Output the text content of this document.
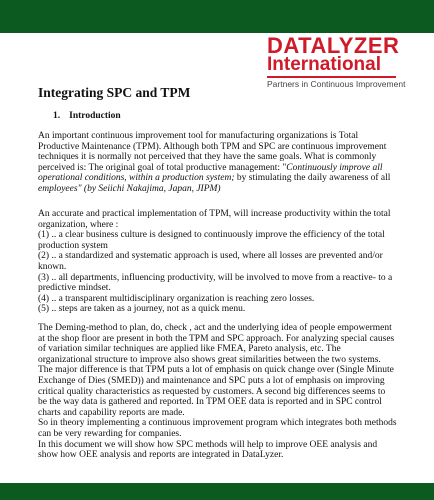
DATALYZER
International
Partners in Continuous Improvement
Integrating SPC and TPM
1. Introduction
An important continuous improvement tool for manufacturing organizations is Total
Productive Maintenance (TPM). Although both TPM and SPC are continuous improvement
techniques it is normally not perceived that they have the same goals. What is commonly
perceived is: The original goal of total productive management: "Continuously improve all
operational conditions, within a production system; by stimulating the daily awareness of all
employees" (by Seiichi Nakajima, Japan, JIPM)
An accurate and practical implementation of TPM, will increase productivity within the total
organization, where :
(1) .. a clear business culture is designed to continuously improve the efficiency of the total
production system
(2) .. a standardized and systematic approach is used, where all losses are prevented and/or
known.
(3) .. all departments, influencing productivity, will be involved to move from a reactive- to a
predictive mindset.
(4) .. a transparent multidisciplinary organization is reaching zero losses.
(5) .. steps are taken as a journey, not as a quick menu.
The Deming-method to plan, do, check , act and the underlying idea of people empowerment
at the shop floor are present in both the TPM and SPC approach. For analyzing special causes
of variation similar techniques are applied like FMEA, Pareto analysis, etc. The
organizational structure to improve also shows great similarities between the two systems.
The major difference is that TPM puts a lot of emphasis on quick change over (Single Minute
Exchange of Dies (SMED)) and maintenance and SPC puts a lot of emphasis on improving
critical quality characteristics as requested by customers. A second big differences seems to
be the way data is gathered and reported. In TPM OEE data is reported and in SPC control
charts and capability reports are made.
So in theory implementing a continuous improvement program which integrates both methods
can be very rewarding for companies.
In this document we will show how SPC methods will help to improve OEE analysis and
show how OEE analysis and reports are integrated in DataLyzer.
